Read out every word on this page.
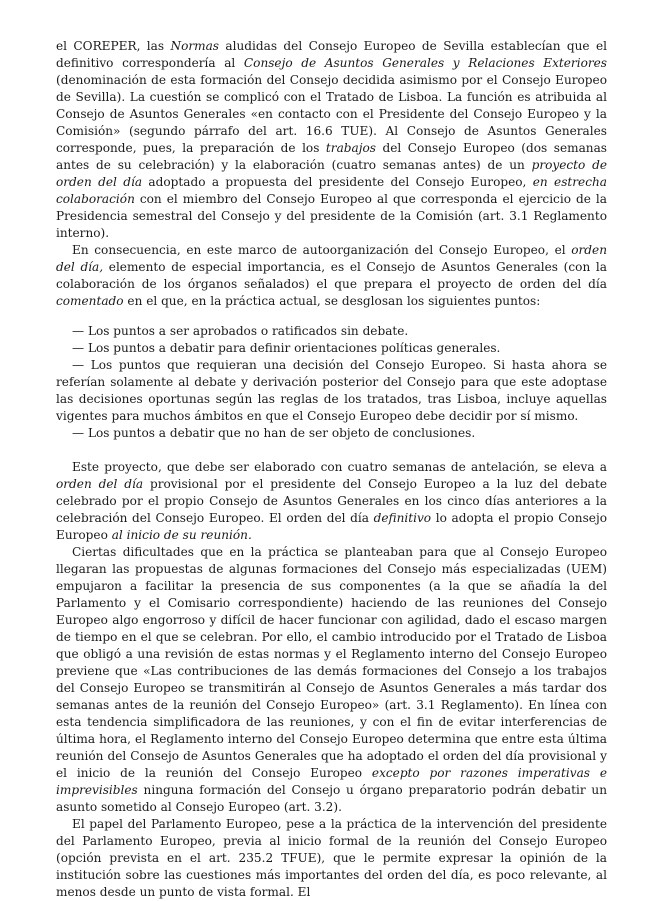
el COREPER, las Normas aludidas del Consejo Europeo de Sevilla establecían que el definitivo correspondería al Consejo de Asuntos Generales y Relaciones Exteriores (denominación de esta formación del Consejo decidida asimismo por el Consejo Europeo de Sevilla). La cuestión se complicó con el Tratado de Lisboa. La función es atribuida al Consejo de Asuntos Generales «en contacto con el Presidente del Consejo Europeo y la Comisión» (segundo párrafo del art. 16.6 TUE). Al Consejo de Asuntos Generales corresponde, pues, la preparación de los trabajos del Consejo Europeo (dos semanas antes de su celebración) y la elaboración (cuatro semanas antes) de un proyecto de orden del día adoptado a propuesta del presidente del Consejo Europeo, en estrecha colaboración con el miembro del Consejo Europeo al que corresponda el ejercicio de la Presidencia semestral del Consejo y del presidente de la Comisión (art. 3.1 Reglamento interno).

En consecuencia, en este marco de autoorganización del Consejo Europeo, el orden del día, elemento de especial importancia, es el Consejo de Asuntos Generales (con la colaboración de los órganos señalados) el que prepara el proyecto de orden del día comentado en el que, en la práctica actual, se desglosan los siguientes puntos:

— Los puntos a ser aprobados o ratificados sin debate.

— Los puntos a debatir para definir orientaciones políticas generales.

— Los puntos que requieran una decisión del Consejo Europeo. Si hasta ahora se referían solamente al debate y derivación posterior del Consejo para que este adoptase las decisiones oportunas según las reglas de los tratados, tras Lisboa, incluye aquellas vigentes para muchos ámbitos en que el Consejo Europeo debe decidir por sí mismo.

— Los puntos a debatir que no han de ser objeto de conclusiones.

Este proyecto, que debe ser elaborado con cuatro semanas de antelación, se eleva a orden del día provisional por el presidente del Consejo Europeo a la luz del debate celebrado por el propio Consejo de Asuntos Generales en los cinco días anteriores a la celebración del Consejo Europeo. El orden del día definitivo lo adopta el propio Consejo Europeo al inicio de su reunión.

Ciertas dificultades que en la práctica se planteaban para que al Consejo Europeo llegaran las propuestas de algunas formaciones del Consejo más especializadas (UEM) empujaron a facilitar la presencia de sus componentes (a la que se añadía la del Parlamento y el Comisario correspondiente) haciendo de las reuniones del Consejo Europeo algo engorroso y difícil de hacer funcionar con agilidad, dado el escaso margen de tiempo en el que se celebran. Por ello, el cambio introducido por el Tratado de Lisboa que obligó a una revisión de estas normas y el Reglamento interno del Consejo Europeo previene que «Las contribuciones de las demás formaciones del Consejo a los trabajos del Consejo Europeo se transmitirán al Consejo de Asuntos Generales a más tardar dos semanas antes de la reunión del Consejo Europeo» (art. 3.1 Reglamento). En línea con esta tendencia simplificadora de las reuniones, y con el fin de evitar interferencias de última hora, el Reglamento interno del Consejo Europeo determina que entre esta última reunión del Consejo de Asuntos Generales que ha adoptado el orden del día provisional y el inicio de la reunión del Consejo Europeo excepto por razones imperativas e imprevisibles ninguna formación del Consejo u órgano preparatorio podrán debatir un asunto sometido al Consejo Europeo (art. 3.2).

El papel del Parlamento Europeo, pese a la práctica de la intervención del presidente del Parlamento Europeo, previa al inicio formal de la reunión del Consejo Europeo (opción prevista en el art. 235.2 TFUE), que le permite expresar la opinión de la institución sobre las cuestiones más importantes del orden del día, es poco relevante, al menos desde un punto de vista formal. El
